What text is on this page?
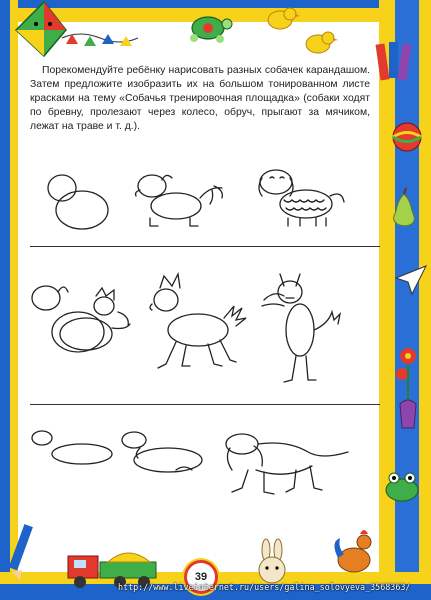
Порекомендуйте ребёнку нарисовать разных собачек карандашом. Затем предложите изобразить их на большом тонированном листе красками на тему «Собачья тренировочная площадка» (собаки ходят по бревну, пролезают через колесо, обруч, прыгают за мячиком, лежат на траве и т. д.).

39
http://www.liveinternet.ru/users/galina_solovyeva_3568363/
